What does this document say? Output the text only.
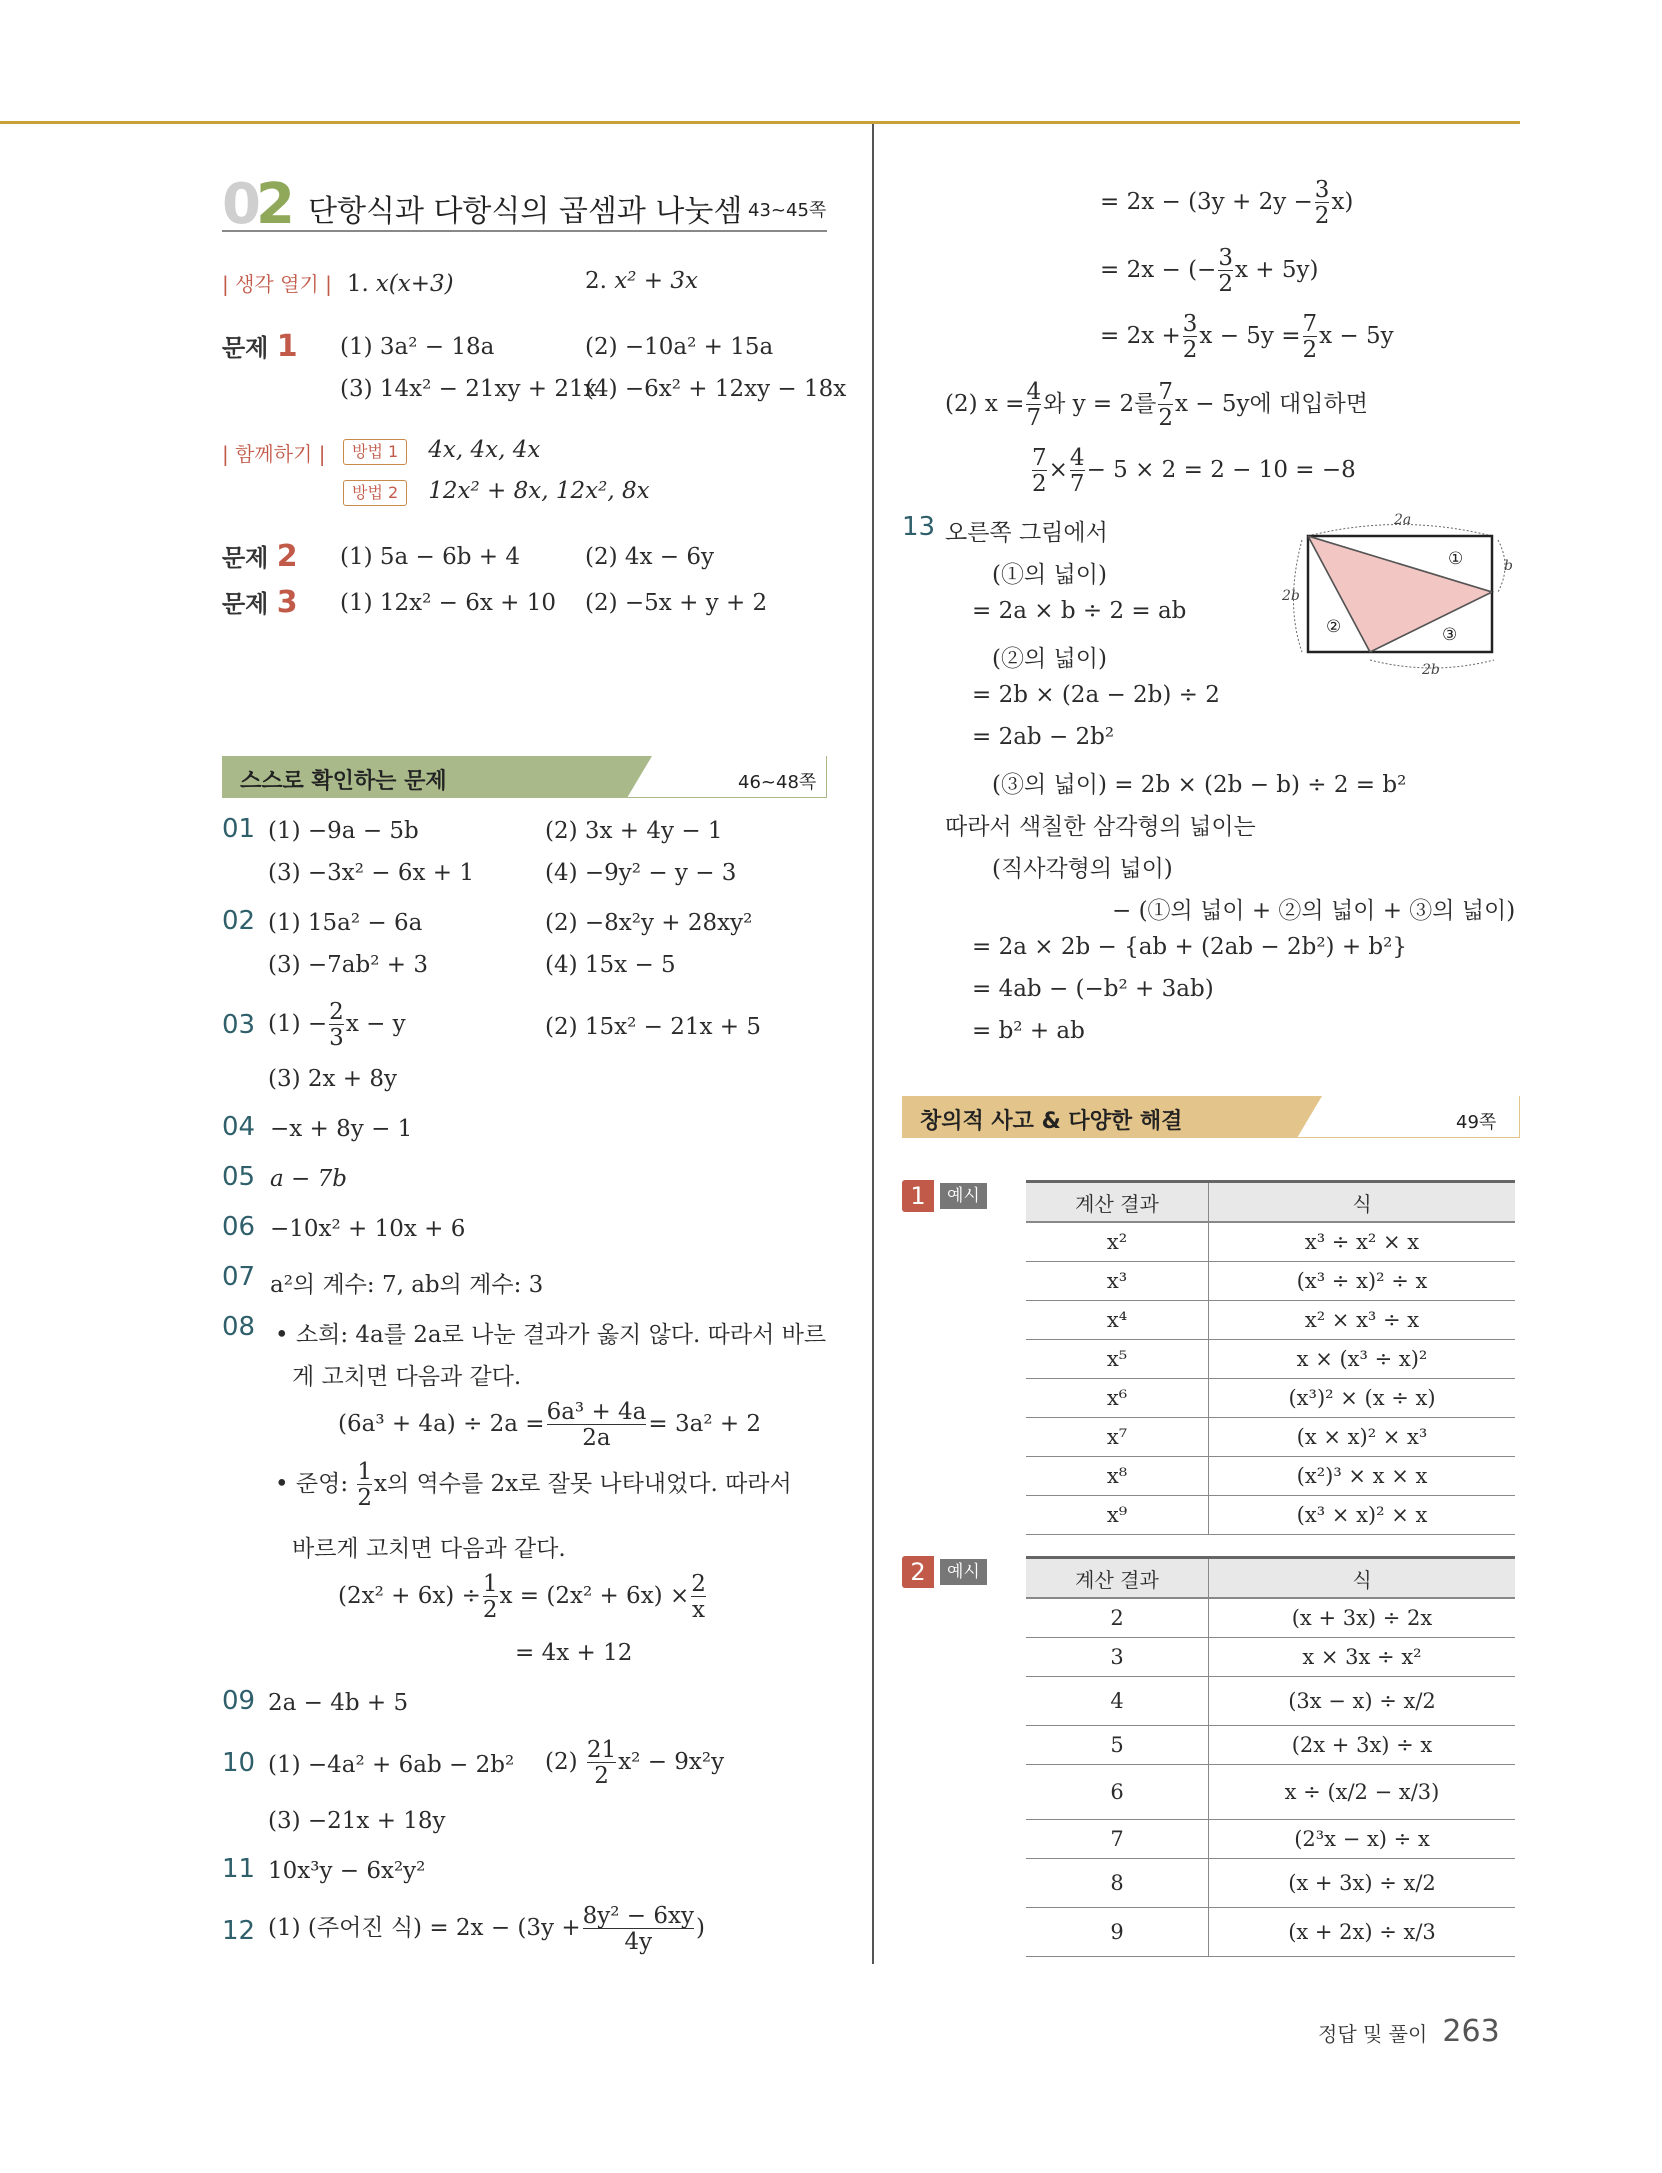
0 2 단항식과 다항식의 곱셈과 나눗셈 43~45쪽
| 생각 열기 | 1. x(x+3)	2. x² + 3x
문제 1 (1) 3a² − 18a	(2) −10a² + 15a
(3) 14x² − 21xy + 21x
(4) −6x² + 12xy − 18x
| 함께하기 |	방법 1 4x, 4x, 4x
방법 2 12x² + 8x, 12x², 8x
문제 2 (1) 5a − 6b + 4	(2) 4x − 6y
문제 3 (1) 12x² − 6x + 10 (2) −5x + y + 2
스스로 확인하는 문제	46~48쪽
01 (1) −9a − 5b	(2) 3x + 4y − 1
(3) −3x² − 6x + 1	(4) −9y² − y − 3
02 (1) 15a² − 6a	(2) −8x²y + 28xy²
(3) −7ab² + 3	(4) 15x − 5
03 $(1) - \frac{2}{3}$ x − y	(2) 15x² − 21x + 5
(3) 2x + 8y
04 −x + 8y − 1
05 a − 7b
06 −10x² + 10x + 6
07 a²의 계수: 7, ab의 계수: 3
08 • 소희: 4a를 2a로 나눈 결과가 옳지 않다. 따라서 바르
게 고치면 다음과 같다.
$(6a^3 + 4a) \div 2a = \frac{\text{6a³ + 4a}}{2a} = 3a^2 + 2$
• 준영: $\frac{1}{2}$ x의 역수를 2x로 잘못 나타내었다. 따라서
바르게 고치면 다음과 같다.
$(2x^2 + 6x) \div \frac{1}{2}$ $x = (2x^2 + 6x) \times \frac{2}{x}$
= 4x + 12
09 2a − 4b + 5
10 (1) −4a² + 6ab − 2b² $(2) \frac{21}{2} x^2 - 9x^2y$
(3) −21x + 18y
11 10x³y − 6x²y²
12 (1) (주어진 식) = $2x - (3y + \frac{\text{8y² − 6xy}}{4y}$ )
= $2x - (3y + 2y - \frac{3}{2} x)$
= 2x − (− $\frac{3}{2}$ x + 5y)
= $2x + \frac{3}{2}$ $x - 5y = \frac{7}{2}$ x − 5y
(2) $x = \frac{4}{7}$ 와 y = 2를 $\frac{7}{2}$ x − 5y에 대입하면
$\frac{7}{2} \times \frac{4}{7} - 5 \times 2 = 2 - 10 = -8$
13 오른쪽 그림에서
(①의 넓이)
= 2a × b ÷ 2 = ab
(②의 넓이)
= 2b × (2a − 2b) ÷ 2
= 2ab − 2b²
(③의 넓이) = 2b × (2b − b) ÷ 2 = b²
따라서 색칠한 삼각형의 넓이는
(직사각형의 넓이)
− (①의 넓이 + ②의 넓이 + ③의 넓이)
= 2a × 2b − {ab + (2ab − 2b²) + b²}
= 4ab − (−b² + 3ab)
= b² + ab
2a
2b
b
2b
①
②	③
창의적 사고 & 다양한 해결	49쪽
1 예시	계산 결과	식
x²	x³ ÷ x² × x
x³	(x³ ÷ x)² ÷ x
x⁴	x² × x³ ÷ x
x⁵	x × (x³ ÷ x)²
x⁶	(x³)² × (x ÷ x)
x⁷	(x × x)² × x³
x⁸	(x²)³ × x × x
x⁹	(x³ × x)² × x
2 예시	계산 결과	식
2	(x + 3x) ÷ 2x
3	x × 3x ÷ x²
4	(3x − x) ÷ x/2
5	(2x + 3x) ÷ x
6	x ÷ (x/2 − x/3)
7	(2³x − x) ÷ x
8	(x + 3x) ÷ x/2
9	(x + 2x) ÷ x/3
정답 및 풀이 263
